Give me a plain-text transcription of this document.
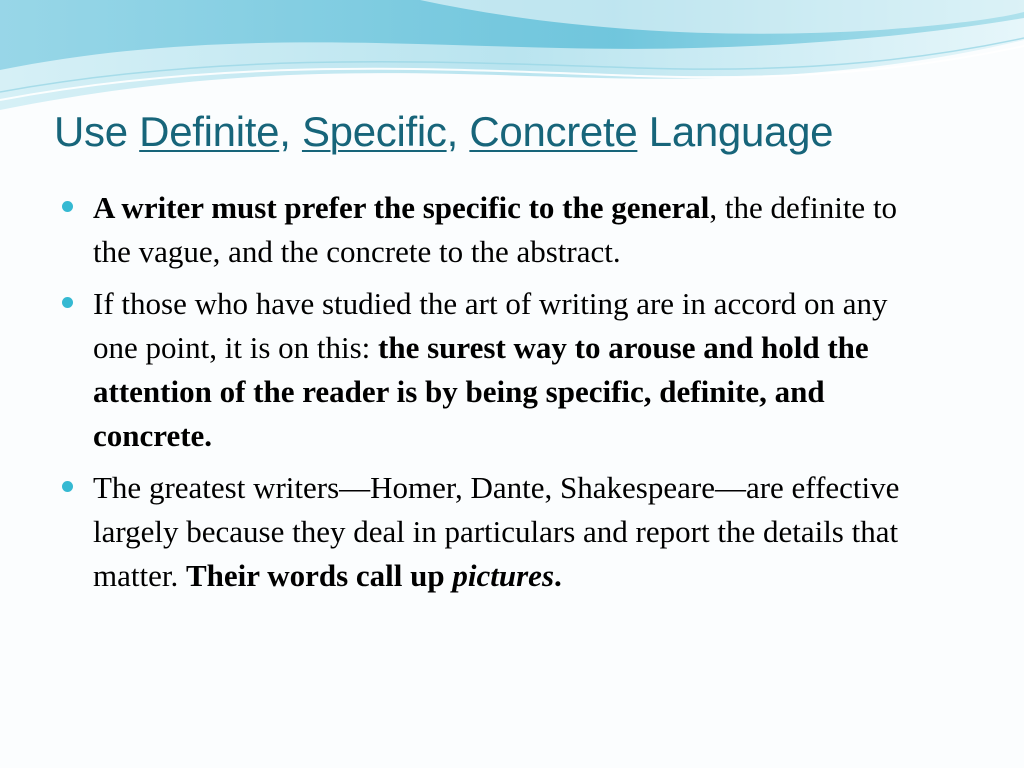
Use Definite, Specific, Concrete Language
A writer must prefer the specific to the general, the definite to the vague, and the concrete to the abstract.
If those who have studied the art of writing are in accord on any one point, it is on this: the surest way to arouse and hold the attention of the reader is by being specific, definite, and concrete.
The greatest writers—Homer, Dante, Shakespeare—are effective largely because they deal in particulars and report the details that matter. Their words call up pictures.
